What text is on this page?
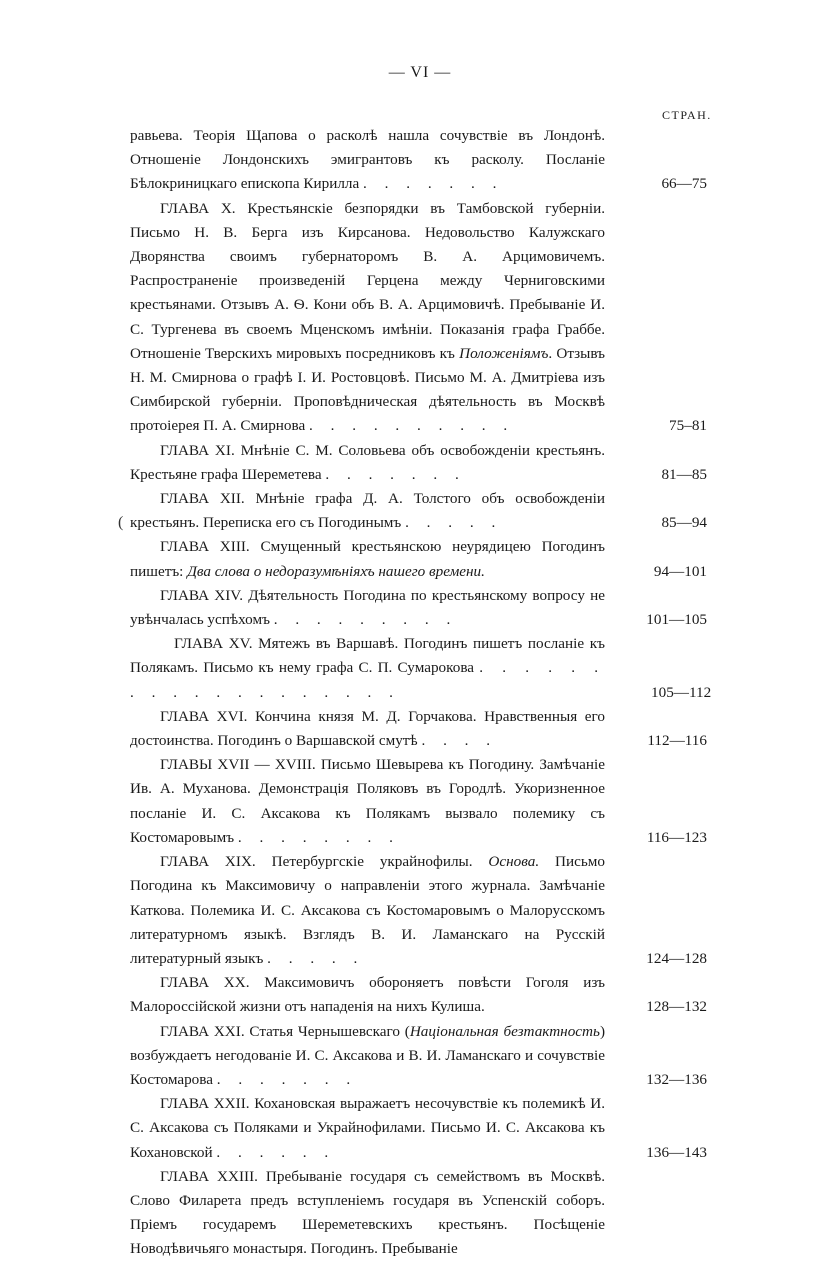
— VI —
СТРАН.
(
равьева. Теорія Щапова о расколѣ нашла сочувствіе въ Лондонѣ. Отношеніе Лондонскихъ эмигрантовъ къ расколу. Посланіе Бѣлокриницкаго епископа Кирилла . . . . . . .	66—75
ГЛАВА X. Крестьянскіе безпорядки въ Тамбовской губерніи. Письмо Н. В. Берга изъ Кирсанова. Недовольство Калужскаго Дворянства своимъ губернаторомъ В. А. Арцимовичемъ. Распространеніе произведеній Герцена между Черниговскими крестьянами. Отзывъ А. Ѳ. Кони объ В. А. Арцимовичѣ. Пребываніе И. С. Тургенева въ своемъ Мценскомъ имѣніи. Показанія графа Граббе. Отношеніе Тверскихъ мировыхъ посредниковъ къ Положеніямъ. Отзывъ Н. М. Смирнова о графѣ І. И. Ростовцовѣ. Письмо М. А. Дмитріева изъ Симбирской губерніи. Проповѣдническая дѣятельность въ Москвѣ протоіерея П. А. Смирнова . . . . . . . . . .	75–81
ГЛАВА XI. Мнѣніе С. М. Соловьева объ освобожденіи крестьянъ. Крестьяне графа Шереметева . . . . . . .	81—85
ГЛАВА XII. Мнѣніе графа Д. А. Толстого объ освобожденіи крестьянъ. Переписка его съ Погодинымъ . . . . .	85—94
ГЛАВА XIII. Смущенный крестьянскою неурядицею Погодинъ пишетъ: Два слова о недоразумѣніяхъ нашего времени.	94—101
ГЛАВА XIV. Дѣятельность Погодина по крестьянскому вопросу не увѣнчалась успѣхомъ . . . . . . . . .	101—105
ГЛАВА XV. Мятежъ въ Варшавѣ. Погодинъ пишетъ посланіе къ Полякамъ. Письмо къ нему графа С. П. Сумарокова . . . . . . . . . . . . . . . . . . .	105—112
ГЛАВА XVI. Кончина князя М. Д. Горчакова. Нравственныя его достоинства. Погодинъ о Варшавской смутѣ . . . .	112—116
ГЛАВЫ XVII — XVIII. Письмо Шевырева къ Погодину. Замѣчаніе Ив. А. Муханова. Демонстрація Поляковъ въ Городлѣ. Укоризненное посланіе И. С. Аксакова къ Полякамъ вызвало полемику съ Костомаровымъ . . . . . . . .	116—123
ГЛАВА XIX. Петербургскіе украйнофилы. Основа. Письмо Погодина къ Максимовичу о направленіи этого журнала. Замѣчаніе Каткова. Полемика И. С. Аксакова съ Костомаровымъ о Малорусскомъ литературномъ языкѣ. Взглядъ В. И. Ламанскаго на Русскій литературный языкъ . . . . .	124—128
ГЛАВА XX. Максимовичъ обороняетъ повѣсти Гоголя изъ Малороссійской жизни отъ нападенія на нихъ Кулиша.	128—132
ГЛАВА XXI. Статья Чернышевскаго (Національная безтактность) возбуждаетъ негодованіе И. С. Аксакова и В. И. Ламанскаго и сочувствіе Костомарова . . . . . . .	132—136
ГЛАВА XXII. Кохановская выражаетъ несочувствіе къ полемикѣ И. С. Аксакова съ Поляками и Украйнофилами. Письмо И. С. Аксакова къ Кохановской . . . . . .	136—143
ГЛАВА XXIII. Пребываніе государя съ семействомъ въ Москвѣ. Слово Филарета предъ вступленіемъ государя въ Успенскій соборъ. Пріемъ государемъ Шереметевскихъ крестьянъ. Посѣщеніе Новодѣвичьяго монастыря. Погодинъ. Пребываніе
